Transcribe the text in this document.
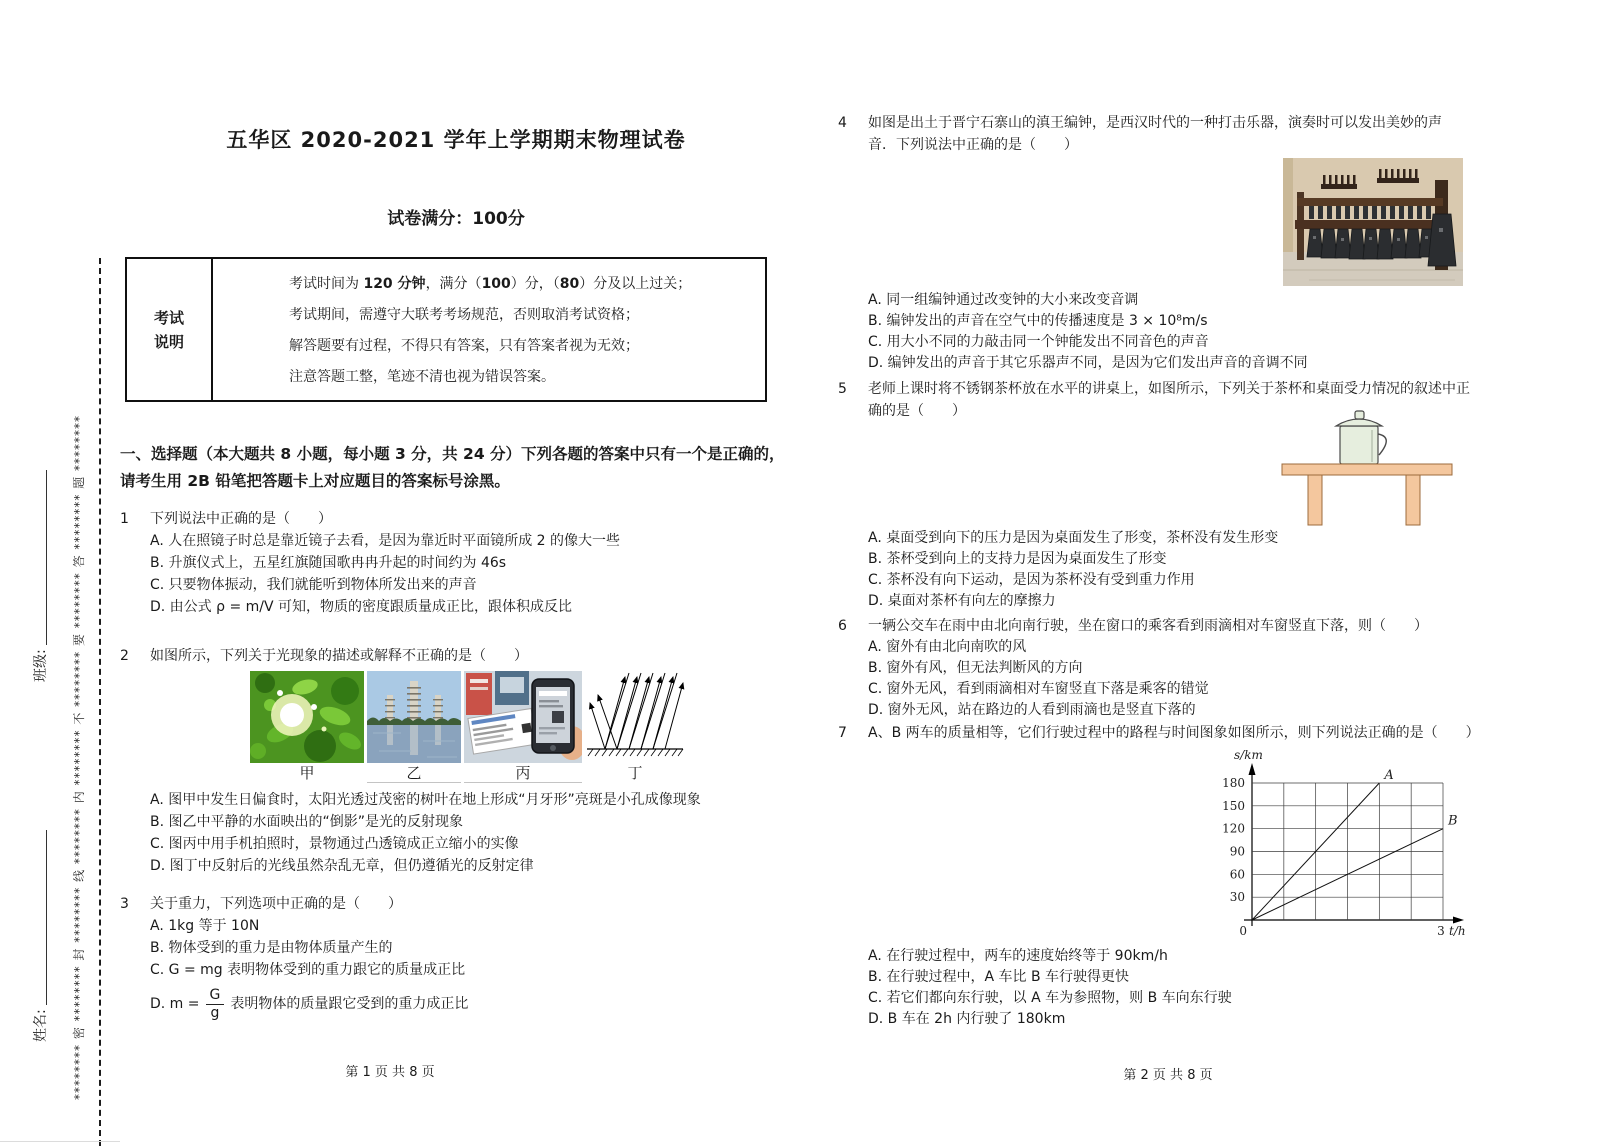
******** 密 ******** 封 ******** 线 ******** 内 ******** 不 ******** 要 ******** 答 ******** 题 ********
班级:
姓名:
五华区 2020-2021 学年上学期期末物理试卷
试卷满分：100分
考试
说明
考试时间为 120 分钟，满分（100）分，（80）分及以上过关；
考试期间，需遵守大联考考场规范，否则取消考试资格；
解答题要有过程，不得只有答案，只有答案者视为无效；
注意答题工整，笔迹不清也视为错误答案。
一、选择题（本大题共 8 小题，每小题 3 分，共 24 分）下列各题的答案中只有一个是正确的，请考生用 2B 铅笔把答题卡上对应题目的答案标号涂黑。
1	下列说法中正确的是（　　）
A. 人在照镜子时总是靠近镜子去看，是因为靠近时平面镜所成 2 的像大一些
B. 升旗仪式上，五星红旗随国歌冉冉升起的时间约为 46s
C. 只要物体振动，我们就能听到物体所发出来的声音
D. 由公式 ρ = m/V 可知，物质的密度跟质量成正比，跟体积成反比
2	如图所示，下列关于光现象的描述或解释不正确的是（　　）
甲	乙	丙	丁
A. 图甲中发生日偏食时，太阳光透过茂密的树叶在地上形成“月牙形”亮斑是小孔成像现象
B. 图乙中平静的水面映出的“倒影”是光的反射现象
C. 图丙中用手机拍照时，景物通过凸透镜成正立缩小的实像
D. 图丁中反射后的光线虽然杂乱无章，但仍遵循光的反射定律
3	关于重力，下列选项中正确的是（　　）
A. 1kg 等于 10N
B. 物体受到的重力是由物体质量产生的
C. G = mg 表明物体受到的重力跟它的质量成正比
D. $m = \frac{G}{g}$ 表明物体的质量跟它受到的重力成正比
第 1 页 共 8 页
4	如图是出土于晋宁石寨山的滇王编钟，是西汉时代的一种打击乐器，演奏时可以发出美妙的声音．下列说法中正确的是（　　）
A. 同一组编钟通过改变钟的大小来改变音调
B. 编钟发出的声音在空气中的传播速度是 3 × 10⁸m/s
C. 用大小不同的力敲击同一个钟能发出不同音色的声音
D. 编钟发出的声音于其它乐器声不同，是因为它们发出声音的音调不同
5	老师上课时将不锈钢茶杯放在水平的讲桌上，如图所示，下列关于茶杯和桌面受力情况的叙述中正确的是（　　）
A. 桌面受到向下的压力是因为桌面发生了形变，茶杯没有发生形变
B. 茶杯受到向上的支持力是因为桌面发生了形变
C. 茶杯没有向下运动，是因为茶杯没有受到重力作用
D. 桌面对茶杯有向左的摩擦力
6	一辆公交车在雨中由北向南行驶，坐在窗口的乘客看到雨滴相对车窗竖直下落，则（　　）
A. 窗外有由北向南吹的风
B. 窗外有风，但无法判断风的方向
C. 窗外无风，看到雨滴相对车窗竖直下落是乘客的错觉
D. 窗外无风，站在路边的人看到雨滴也是竖直下落的
7	A、B 两车的质量相等，它们行驶过程中的路程与时间图象如图所示，则下列说法正确的是（　　）
30
60
90
120
150
180
0	3 t/h
s/km
A
B
A. 在行驶过程中，两车的速度始终等于 90km/h
B. 在行驶过程中，A 车比 B 车行驶得更快
C. 若它们都向东行驶，以 A 车为参照物，则 B 车向东行驶
D. B 车在 2h 内行驶了 180km
第 2 页 共 8 页
